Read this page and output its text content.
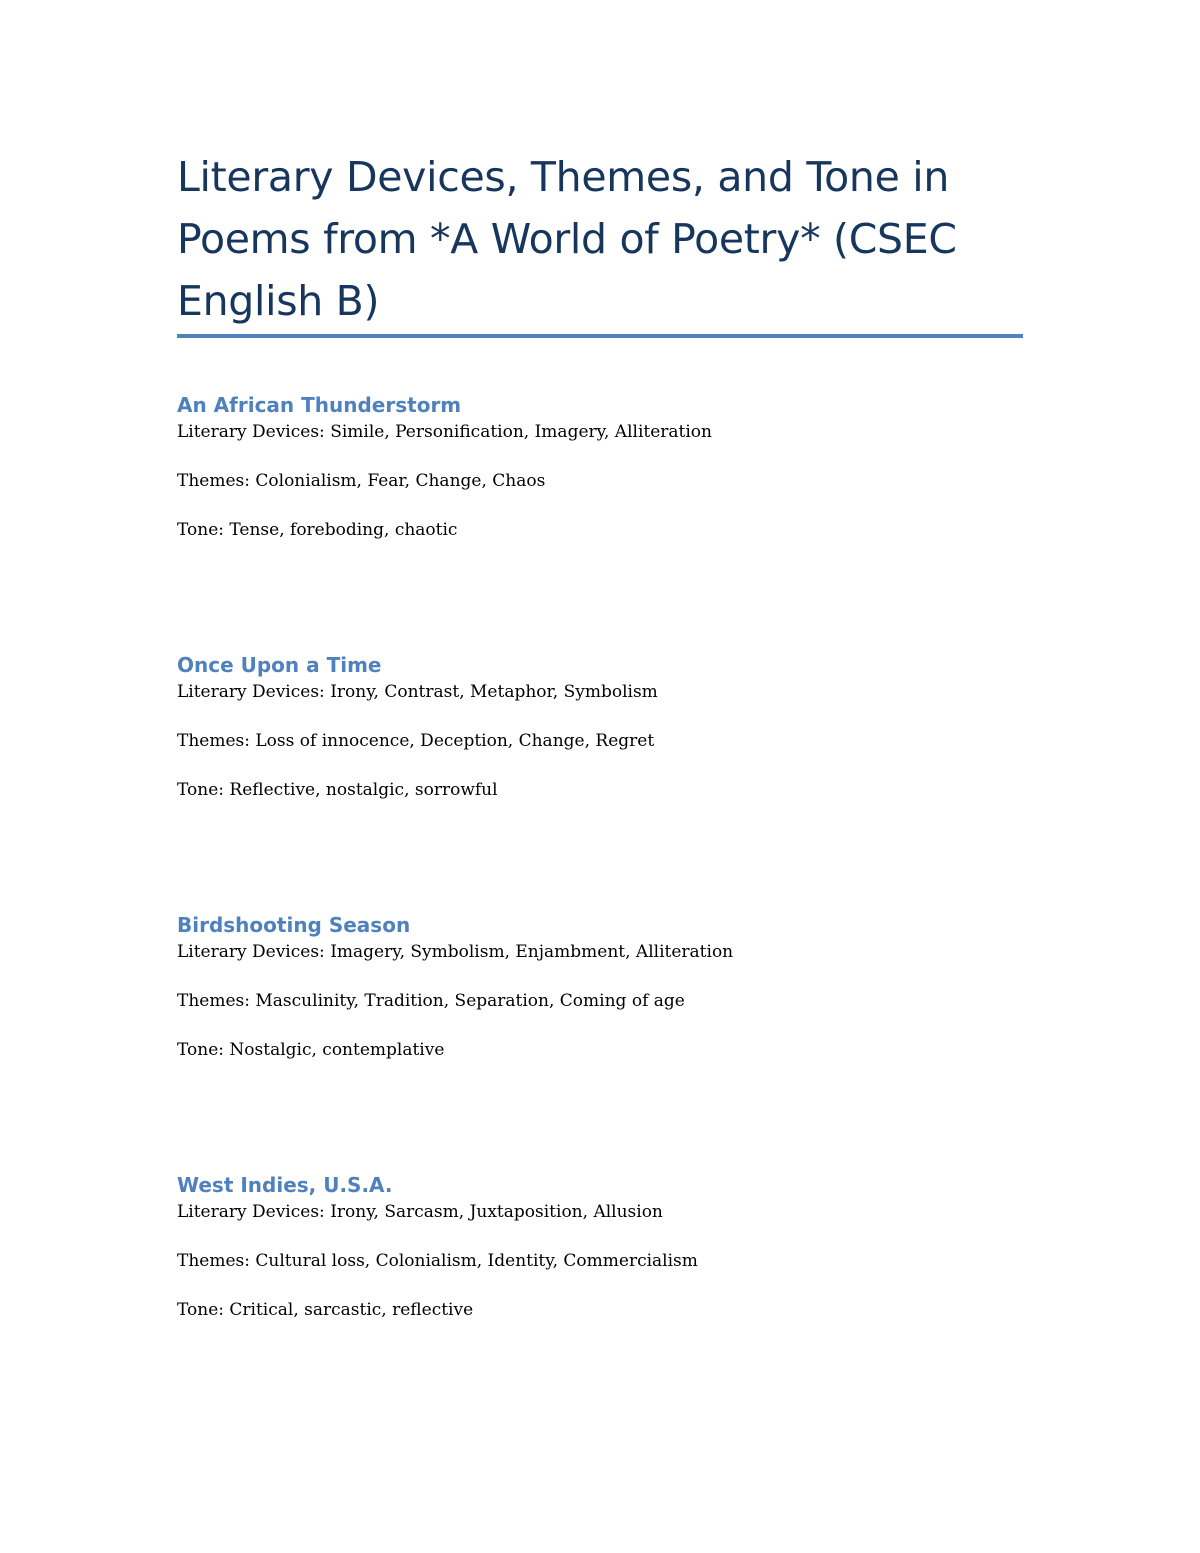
Literary Devices, Themes, and Tone in Poems from *A World of Poetry* (CSEC English B)
An African Thunderstorm

Literary Devices: Simile, Personification, Imagery, Alliteration

Themes: Colonialism, Fear, Change, Chaos

Tone: Tense, foreboding, chaotic

Once Upon a Time

Literary Devices: Irony, Contrast, Metaphor, Symbolism

Themes: Loss of innocence, Deception, Change, Regret

Tone: Reflective, nostalgic, sorrowful

Birdshooting Season

Literary Devices: Imagery, Symbolism, Enjambment, Alliteration

Themes: Masculinity, Tradition, Separation, Coming of age

Tone: Nostalgic, contemplative

West Indies, U.S.A.

Literary Devices: Irony, Sarcasm, Juxtaposition, Allusion

Themes: Cultural loss, Colonialism, Identity, Commercialism

Tone: Critical, sarcastic, reflective
